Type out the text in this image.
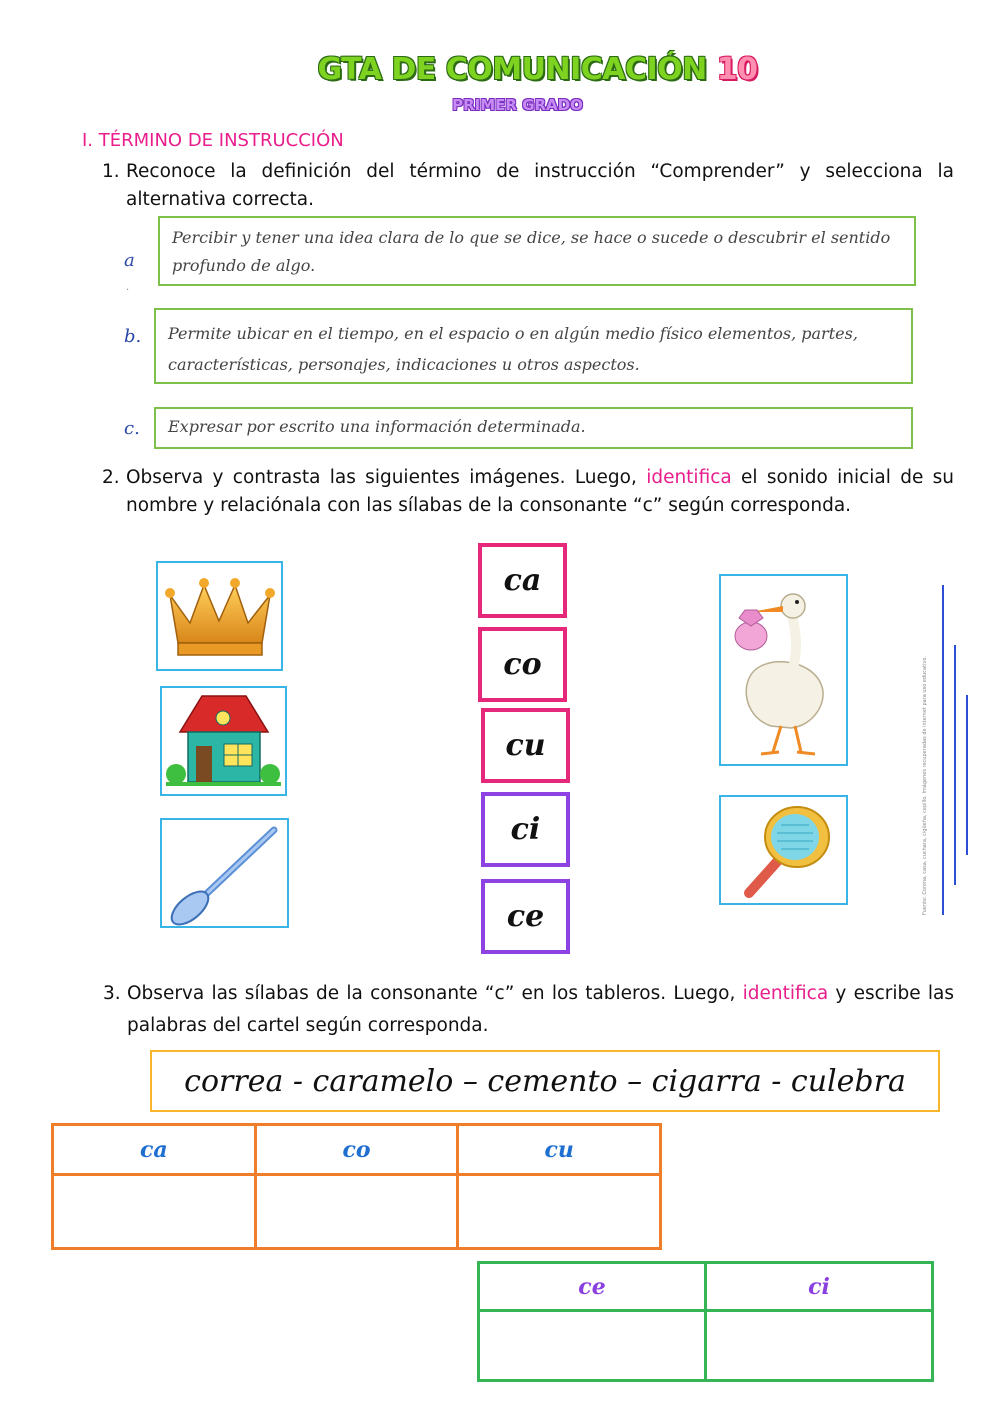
GTA DE COMUNICACIÓN 10
PRIMER GRADO
I. TÉRMINO DE INSTRUCCIÓN
1. Reconoce la definición del término de instrucción “Comprender” y selecciona la alternativa correcta.
a
.
Percibir y tener una idea clara de lo que se dice, se hace o sucede o descubrir el sentido profundo de algo.
b.	Permite ubicar en el tiempo, en el espacio o en algún medio físico elementos, partes, características, personajes, indicaciones u otros aspectos.
c.	Expresar por escrito una información determinada.
2. Observa y contrasta las siguientes imágenes. Luego, identifica el sonido inicial de su nombre y relaciónala con las sílabas de la consonante “c” según corresponda.
ca
co
cu
ci
ce
Fuente: Corona, casa, cuchara, cigüeña, cepillo. Imágenes recuperadas de internet para uso educativo.
3. Observa las sílabas de la consonante “c” en los tableros. Luego, identifica y escribe las palabras del cartel según corresponda.
correa - caramelo – cemento – cigarra - culebra
ca	co	cu

ce	ci
